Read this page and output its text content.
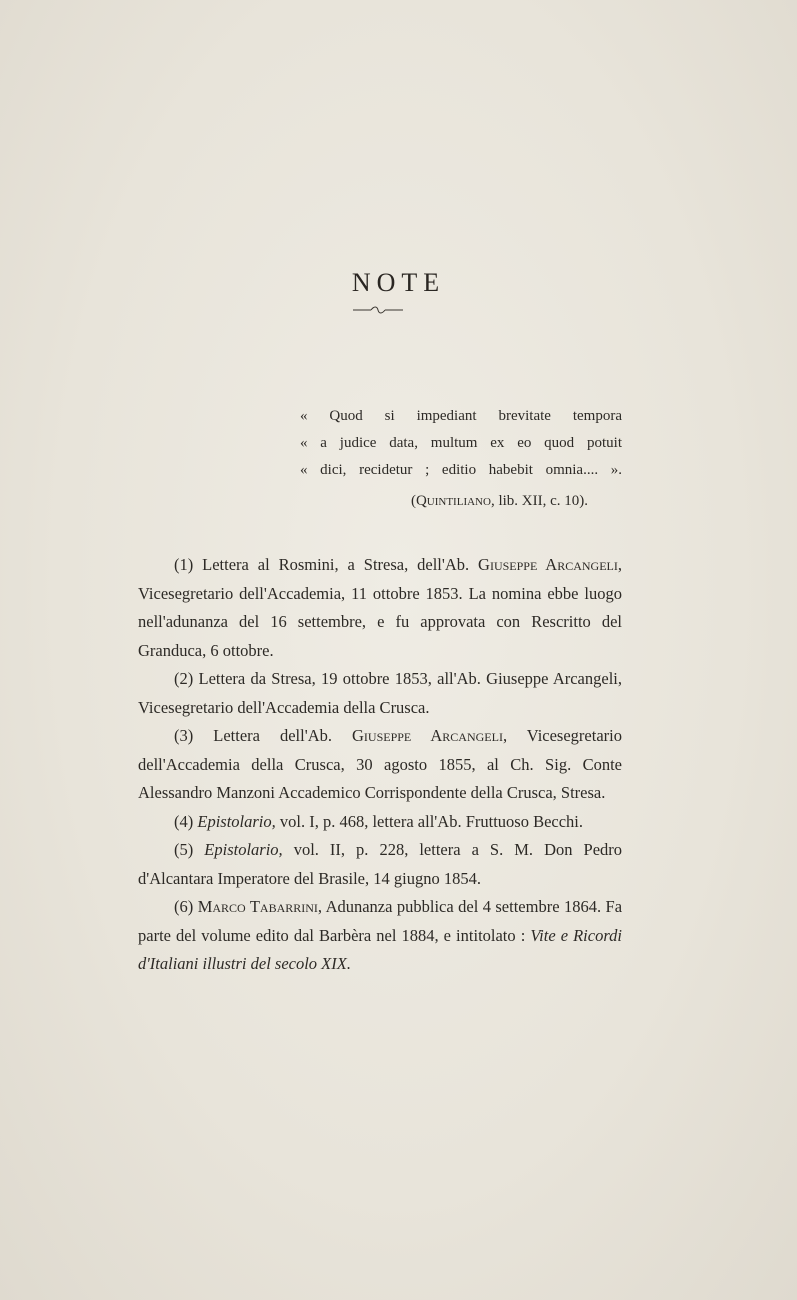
NOTE
« Quod si impediant brevitate tempora
« a judice data, multum ex eo quod potuit
« dici, recidetur ; editio habebit omnia.... ».
(Quintiliano, lib. XII, c. 10).

(1) Lettera al Rosmini, a Stresa, dell'Ab. Giuseppe Arcangeli, Vicesegretario dell'Accademia, 11 ottobre 1853. La nomina ebbe luogo nell'adunanza del 16 settembre, e fu approvata con Rescritto del Granduca, 6 ottobre.

(2) Lettera da Stresa, 19 ottobre 1853, all'Ab. Giuseppe Arcangeli, Vicesegretario dell'Accademia della Crusca.

(3) Lettera dell'Ab. Giuseppe Arcangeli, Vicesegretario dell'Accademia della Crusca, 30 agosto 1855, al Ch. Sig. Conte Alessandro Manzoni Accademico Corrispondente della Crusca, Stresa.

(4) Epistolario, vol. I, p. 468, lettera all'Ab. Fruttuoso Becchi.

(5) Epistolario, vol. II, p. 228, lettera a S. M. Don Pedro d'Alcantara Imperatore del Brasile, 14 giugno 1854.

(6) Marco Tabarrini, Adunanza pubblica del 4 settembre 1864. Fa parte del volume edito dal Barbèra nel 1884, e intitolato : Vite e Ricordi d'Italiani illustri del secolo XIX.
